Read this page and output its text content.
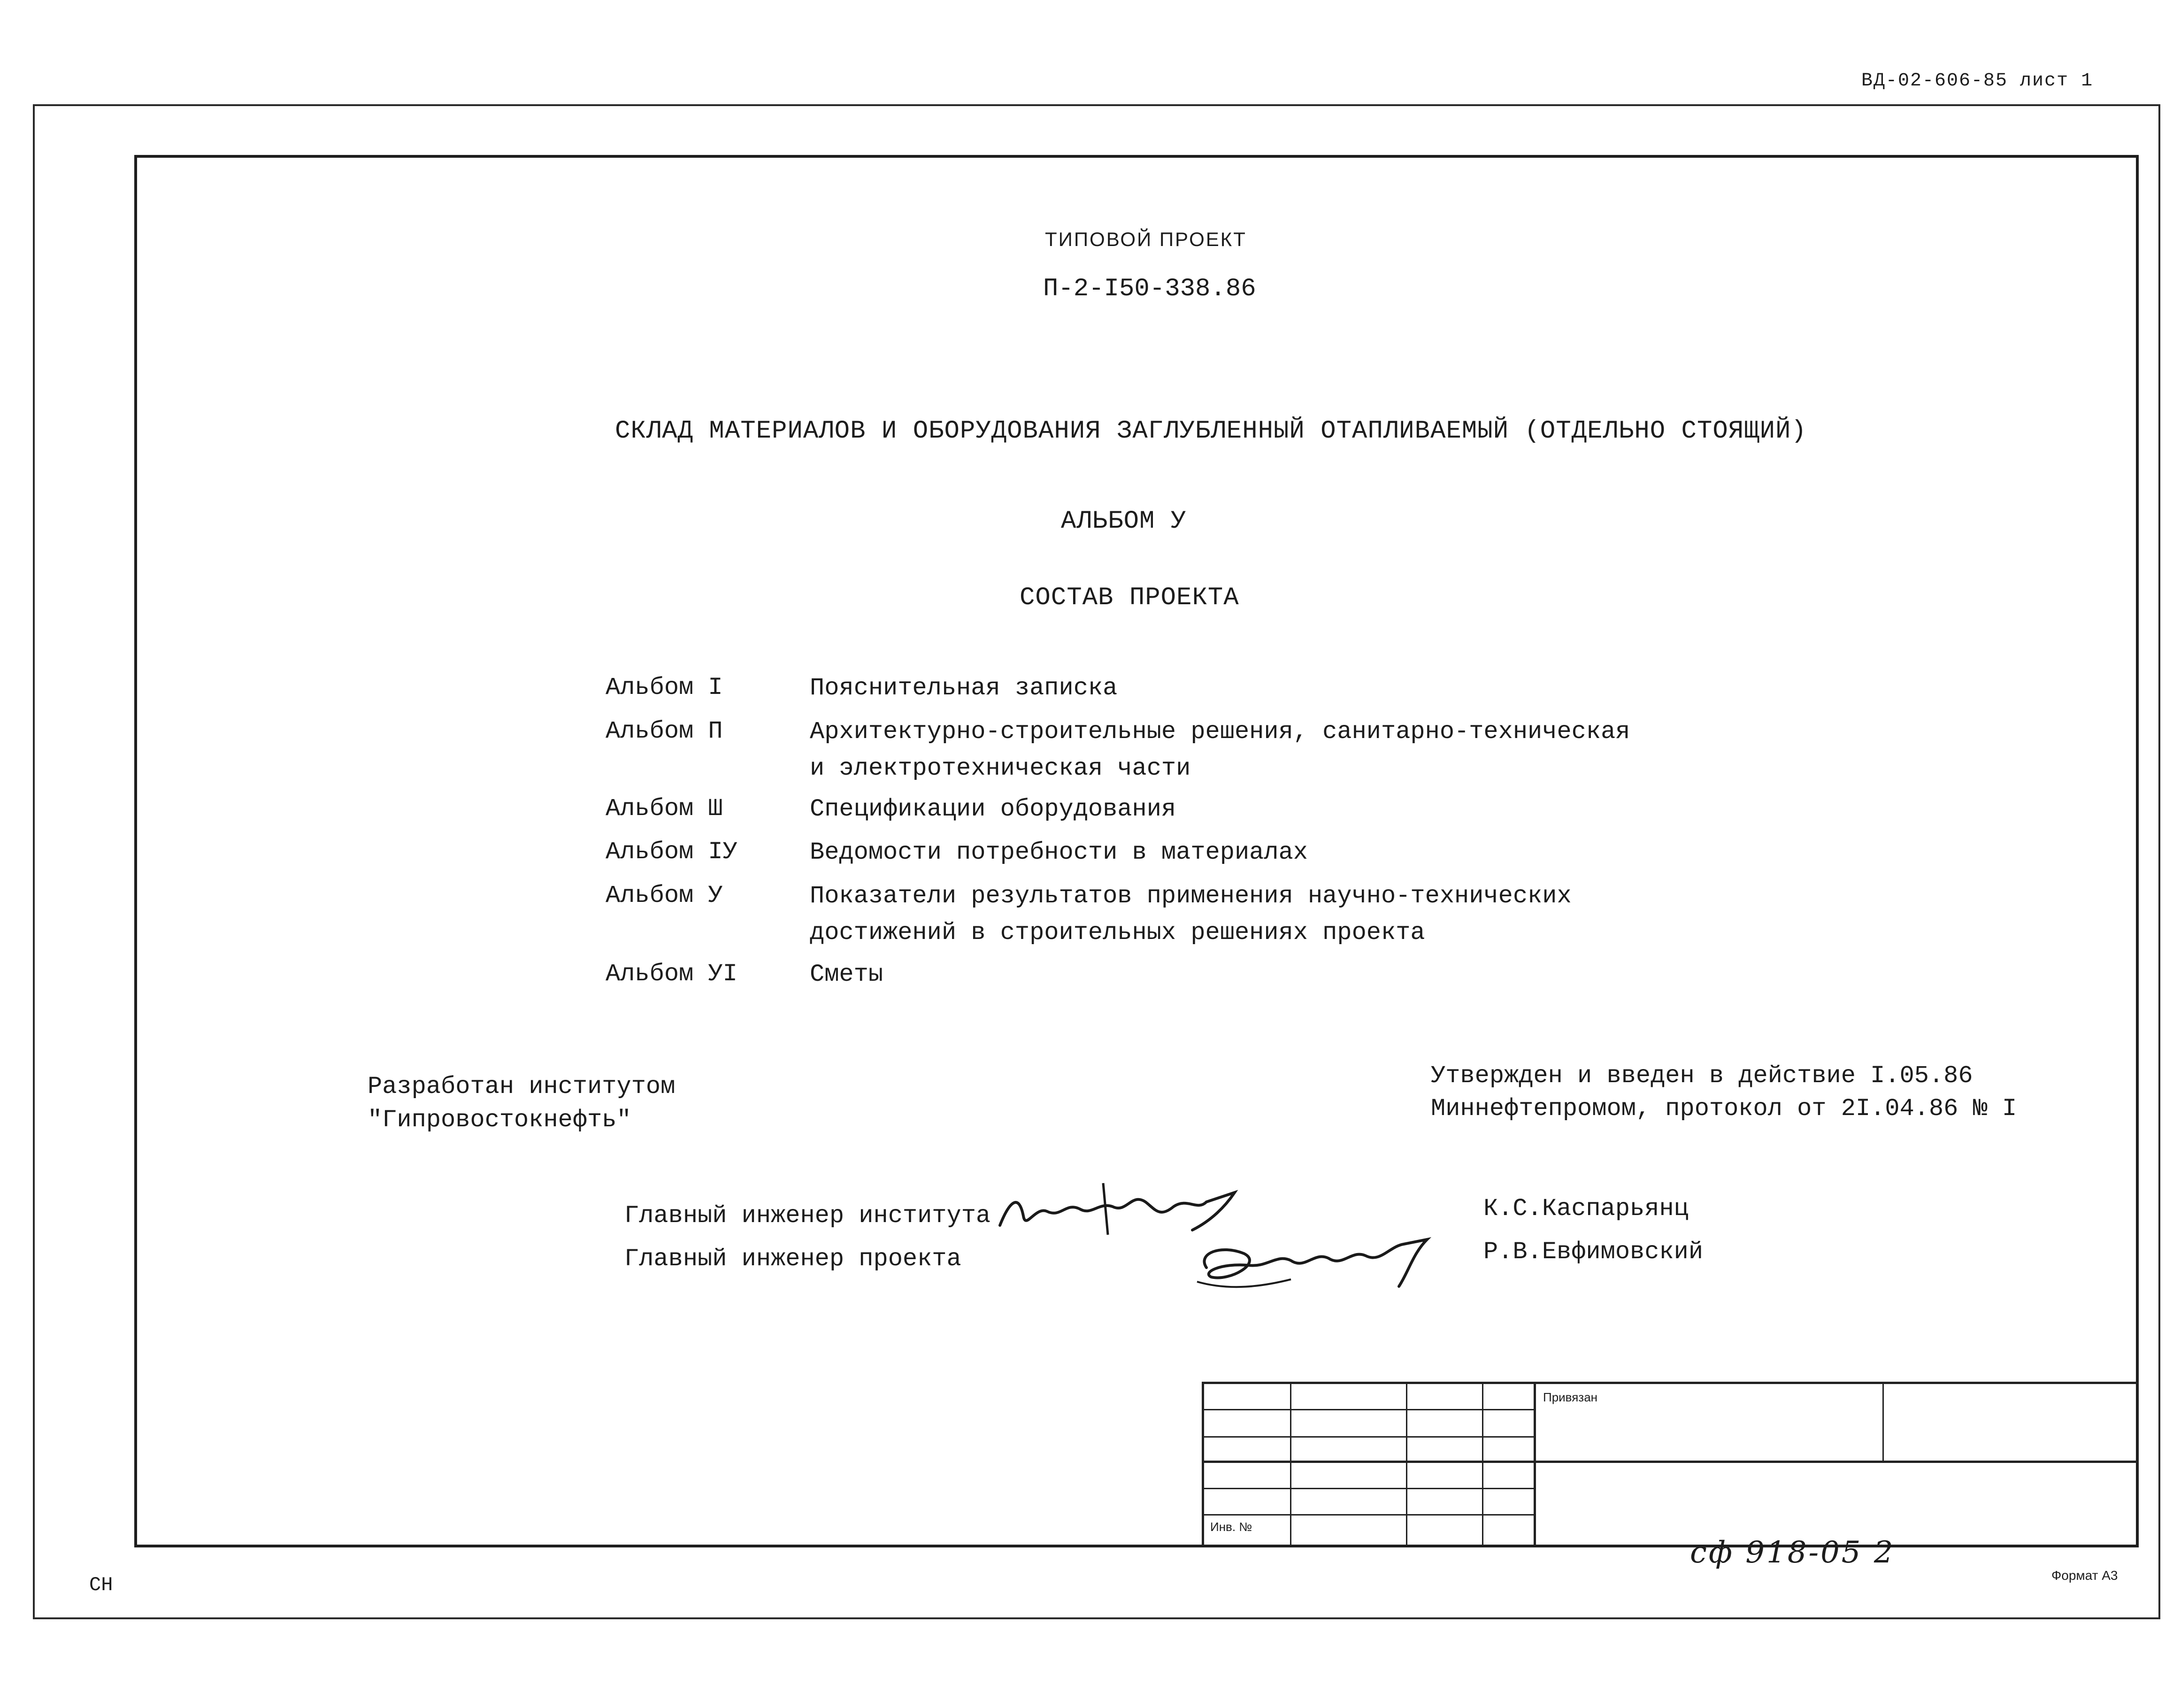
ВД-02-606-85 лист 1
ТИПОВОЙ ПРОЕКТ
П-2-І50-338.86
СКЛАД МАТЕРИАЛОВ И ОБОРУДОВАНИЯ ЗАГЛУБЛЕННЫЙ ОТАПЛИВАЕМЫЙ (ОТДЕЛЬНО СТОЯЩИЙ)
АЛЬБОМ У
СОСТАВ ПРОЕКТА
Альбом I	Пояснительная записка
Альбом П	Архитектурно-строительные решения, санитарно-техническая
и электротехническая части
Альбом Ш	Спецификации оборудования
Альбом IУ	Ведомости потребности в материалах
Альбом У	Показатели результатов применения научно-технических
достижений в строительных решениях проекта
Альбом УI	Сметы
Разработан институтом
"Гипровостокнефть"
Утвержден и введен в действие I.05.86
Миннефтепромом, протокол от 2I.04.86 № I
Главный инженер института
Главный инженер проекта
К.С.Каспарьянц
Р.В.Евфимовский
Привязан
Инв. №
сф 918-05 2
СН	Формат А3
